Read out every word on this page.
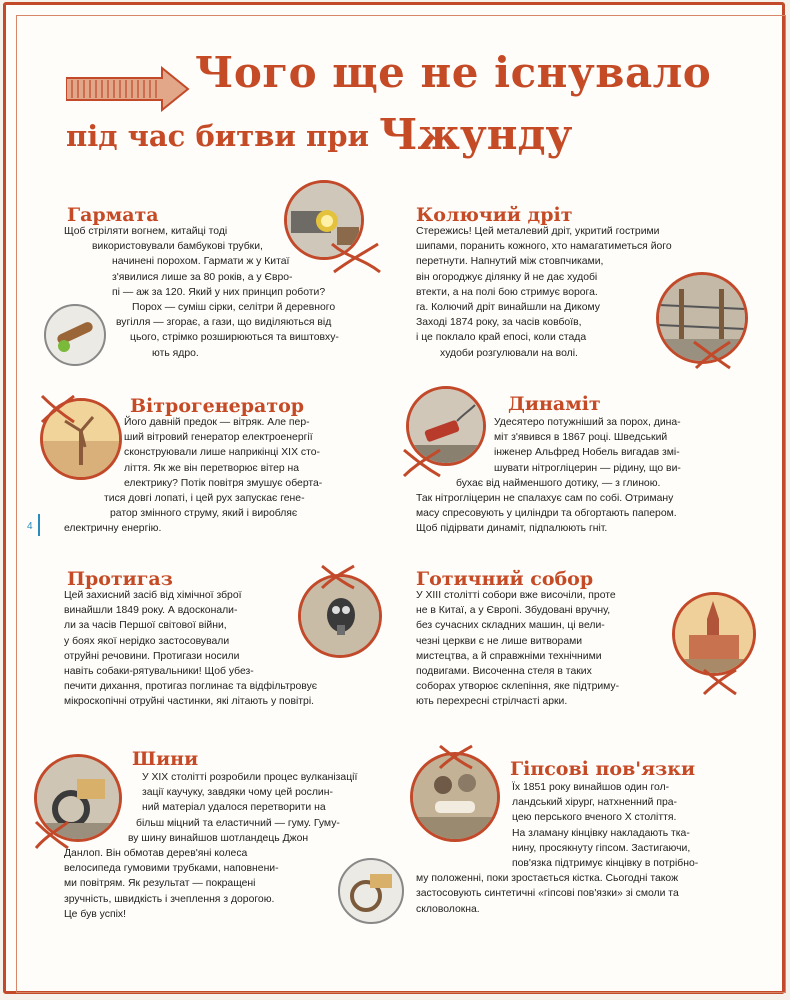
Чого ще не існувало
під час битви при Чжунду
Гармата
Щоб стріляти вогнем, китайці тоді
використовували бамбукові трубки,
начинені порохом. Гармати ж у Китаї
з'явилися лише за 80 років, а у Євро-
пі — аж за 120. Який у них принцип роботи?
Порох — суміш сірки, селітри й деревного
вугілля — згорає, а гази, що виділяються від
цього, стрімко розширюються та виштовху-
ють ядро.
Колючий дріт
Стережись! Цей металевий дріт, укритий гострими
шипами, поранить кожного, хто намагатиметься його
перетнути. Напнутий між стовпчиками,
він огороджує ділянку й не дає худобі
втекти, а на полі бою стримує ворога.
га. Колючий дріт винайшли на Дикому
Заході 1874 року, за часів ковбоїв,
і це поклало край епосі, коли стада
худоби розгулювали на волі.
Вітрогенератор
Його давній предок — вітряк. Але пер-
ший вітровий генератор електроенергії
сконструювали лише наприкінці XIX сто-
ліття. Як же він перетворює вітер на
електрику? Потік повітря змушує оберта-
тися довгі лопаті, і цей рух запускає гене-
ратор змінного струму, який і виробляє
електричну енергію.
4
Динаміт
Удесятеро потужніший за порох, дина-
міт з'явився в 1867 році. Шведський
інженер Альфред Нобель вигадав змі-
шувати нітрогліцерин — рідину, що ви-
бухає від найменшого дотику, — з глиною.
Так нітрогліцерин не спалахує сам по собі. Отриману
масу спресовують у циліндри та обгортають папером.
Щоб підірвати динаміт, підпалюють гніт.
Протигаз
Цей захисний засіб від хімічної зброї
винайшли 1849 року. А вдосконали-
ли за часів Першої світової війни,
у боях якої нерідко застосовували
отруйні речовини. Протигази носили
навіть собаки-рятувальники! Щоб убез-
печити дихання, протигаз поглинає та відфільтровує
мікроскопічні отруйні частинки, які літають у повітрі.
Готичний собор
У XIII столітті собори вже височіли, проте
не в Китаї, а у Європі. Збудовані вручну,
без сучасних складних машин, ці вели-
чезні церкви є не лише витворами
мистецтва, а й справжніми технічними
подвигами. Височенна стеля в таких
соборах утворює склепіння, яке підтриму-
ють перехресні стрілчасті арки.
Шини
У XIX столітті розробили процес вулканізації
зації каучуку, завдяки чому цей рослин-
ний матеріал удалося перетворити на
більш міцний та еластичний — гуму. Гуму-
ву шину винайшов шотландець Джон
Данлоп. Він обмотав дерев'яні колеса
велосипеда гумовими трубками, наповнени-
ми повітрям. Як результат — покращені
зручність, швидкість і зчеплення з дорогою.
Це був успіх!
Гіпсові пов'язки
Їх 1851 року винайшов один гол-
ландський хірург, натхненний пра-
цею перського вченого X століття.
На зламану кінцівку накладають тка-
нину, просякнуту гіпсом. Застигаючи,
пов'язка підтримує кінцівку в потрібно-
му положенні, поки зростається кістка. Сьогодні також
застосовують синтетичні «гіпсові пов'язки» зі смоли та
скловолокна.
